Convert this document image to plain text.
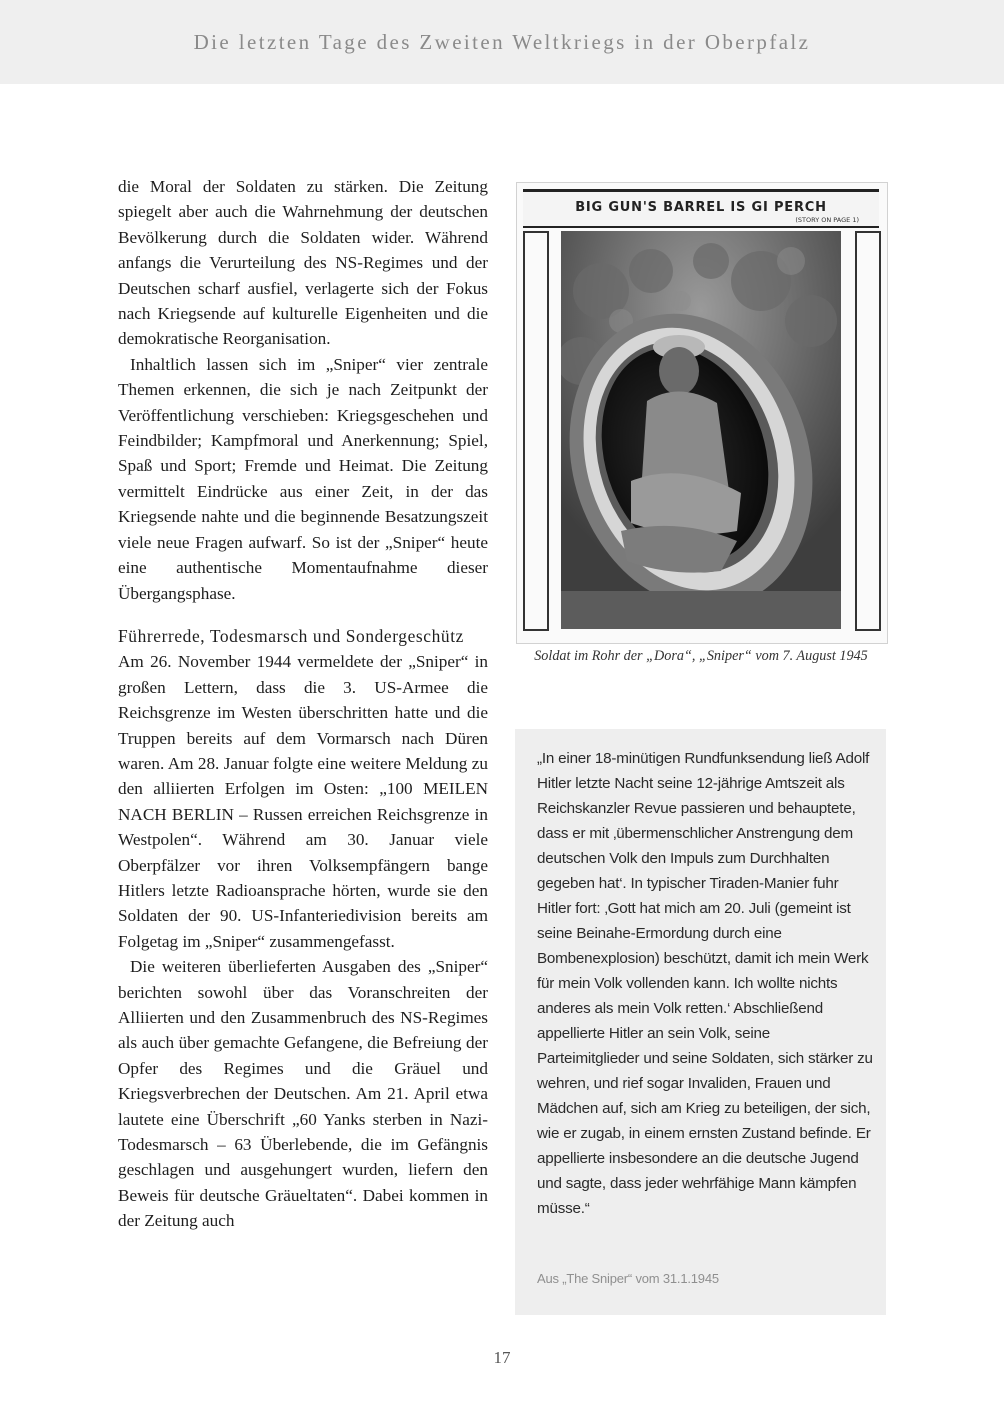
Die letzten Tage des Zweiten Weltkriegs in der Oberpfalz

die Moral der Soldaten zu stärken. Die Zeitung spiegelt aber auch die Wahrnehmung der deutschen Bevölkerung durch die Soldaten wider. Während anfangs die Verurteilung des NS-Regimes und der Deutschen scharf ausfiel, verlagerte sich der Fokus nach Kriegsende auf kulturelle Eigenheiten und die demokratische Reorganisation.

Inhaltlich lassen sich im „Sniper“ vier zentrale Themen erkennen, die sich je nach Zeitpunkt der Veröffentlichung verschieben: Kriegsgeschehen und Feindbilder; Kampfmoral und Anerkennung; Spiel, Spaß und Sport; Fremde und Heimat. Die Zeitung vermittelt Eindrücke aus einer Zeit, in der das Kriegsende nahte und die beginnende Besatzungszeit viele neue Fragen aufwarf. So ist der „Sniper“ heute eine authentische Momentaufnahme dieser Übergangsphase.

Führerrede, Todesmarsch und Sondergeschütz

Am 26. November 1944 vermeldete der „Sniper“ in großen Lettern, dass die 3. US-Armee die Reichsgrenze im Westen überschritten hatte und die Truppen bereits auf dem Vormarsch nach Düren waren. Am 28. Januar folgte eine weitere Meldung zu den alliierten Erfolgen im Osten: „100 MEILEN NACH BERLIN – Russen erreichen Reichsgrenze in Westpolen“. Während am 30. Januar viele Oberpfälzer vor ihren Volksempfängern bange Hitlers letzte Radioansprache hörten, wurde sie den Soldaten der 90. US-Infanteriedivision bereits am Folgetag im „Sniper“ zusammengefasst.

Die weiteren überlieferten Ausgaben des „Sniper“ berichten sowohl über das Voranschreiten der Alliierten und den Zusammenbruch des NS-Regimes als auch über gemachte Gefangene, die Befreiung der Opfer des Regimes und die Gräuel und Kriegsverbrechen der Deutschen. Am 21. April etwa lautete eine Überschrift „60 Yanks sterben in Nazi-Todesmarsch – 63 Überlebende, die im Gefängnis geschlagen und ausgehungert wurden, liefern den Beweis für deutsche Gräueltaten“. Dabei kommen in der Zeitung auch

BIG GUN'S BARREL IS GI PERCH
(STORY ON PAGE 1)
Soldat im Rohr der „Dora“, „Sniper“ vom 7. August 1945

„In einer 18-minütigen Rundfunksendung ließ Adolf Hitler letzte Nacht seine 12-jährige Amtszeit als Reichskanzler Revue passieren und behauptete, dass er mit ‚übermenschlicher Anstrengung dem deutschen Volk den Impuls zum Durchhalten gegeben hat‘. In typischer Tiraden-Manier fuhr Hitler fort: ‚Gott hat mich am 20. Juli (gemeint ist seine Beinahe-Ermordung durch eine Bombenexplosion) beschützt, damit ich mein Werk für mein Volk vollenden kann. Ich wollte nichts anderes als mein Volk retten.‘ Abschließend appellierte Hitler an sein Volk, seine Parteimitglieder und seine Soldaten, sich stärker zu wehren, und rief sogar Invaliden, Frauen und Mädchen auf, sich am Krieg zu beteiligen, der sich, wie er zugab, in einem ernsten Zustand befinde. Er appellierte insbesondere an die deutsche Jugend und sagte, dass jeder wehrfähige Mann kämpfen müsse.“

Aus „The Sniper“ vom 31.1.1945
17
